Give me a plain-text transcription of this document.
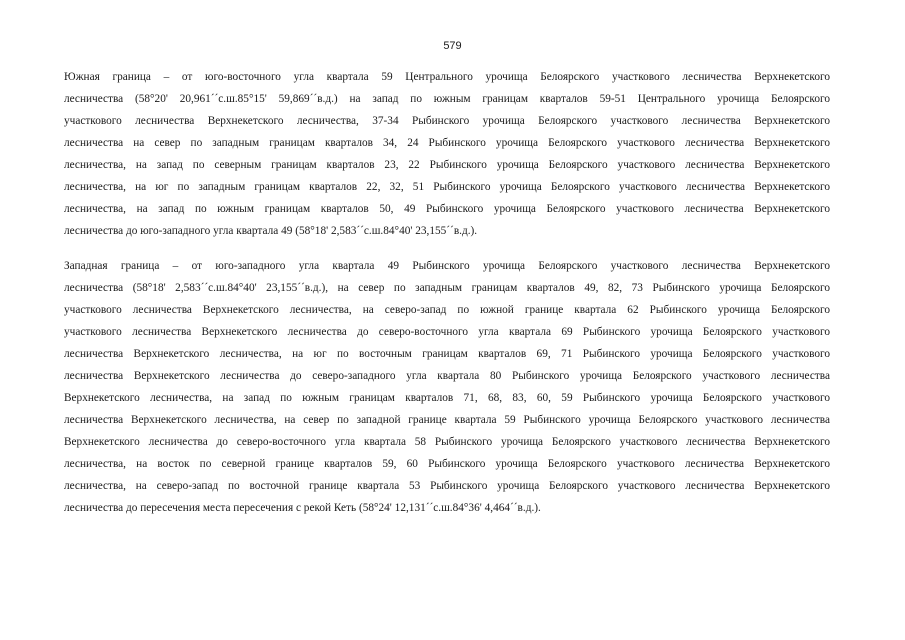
579
Южная граница – от юго-восточного угла квартала 59 Центрального урочища Белоярского участкового лесничества Верхнекетского
лесничества (58°20' 20,961´´с.ш.85°15' 59,869´´в.д.) на запад по южным границам кварталов 59-51 Центрального урочища Белоярского
участкового лесничества Верхнекетского лесничества, 37-34 Рыбинского урочища Белоярского участкового лесничества Верхнекетского
лесничества на север по западным границам кварталов 34, 24 Рыбинского урочища Белоярского участкового лесничества Верхнекетского
лесничества, на запад по северным границам кварталов 23, 22 Рыбинского урочища Белоярского участкового лесничества Верхнекетского
лесничества, на юг по западным границам кварталов 22, 32, 51 Рыбинского урочища Белоярского участкового лесничества Верхнекетского
лесничества, на запад по южным границам кварталов 50, 49 Рыбинского урочища Белоярского участкового лесничества Верхнекетского
лесничества до юго-западного угла квартала 49 (58°18' 2,583´´с.ш.84°40' 23,155´´в.д.).
Западная граница – от юго-западного угла квартала 49 Рыбинского урочища Белоярского участкового лесничества Верхнекетского
лесничества (58°18' 2,583´´с.ш.84°40' 23,155´´в.д.), на север по западным границам кварталов 49, 82, 73 Рыбинского урочища Белоярского
участкового лесничества Верхнекетского лесничества, на северо-запад по южной границе квартала 62 Рыбинского урочища Белоярского
участкового лесничества Верхнекетского лесничества до северо-восточного угла квартала 69 Рыбинского урочища Белоярского участкового
лесничества Верхнекетского лесничества, на юг по восточным границам кварталов 69, 71 Рыбинского урочища Белоярского участкового
лесничества Верхнекетского лесничества до северо-западного угла квартала 80 Рыбинского урочища Белоярского участкового лесничества
Верхнекетского лесничества, на запад по южным границам кварталов 71, 68, 83, 60, 59 Рыбинского урочища Белоярского участкового
лесничества Верхнекетского лесничества, на север по западной границе квартала 59 Рыбинского урочища Белоярского участкового лесничества
Верхнекетского лесничества до северо-восточного угла квартала 58 Рыбинского урочища Белоярского участкового лесничества Верхнекетского
лесничества, на восток по северной границе кварталов 59, 60 Рыбинского урочища Белоярского участкового лесничества Верхнекетского
лесничества, на северо-запад по восточной границе квартала 53 Рыбинского урочища Белоярского участкового лесничества Верхнекетского
лесничества до пересечения места пересечения с рекой Кеть (58°24' 12,131´´с.ш.84°36' 4,464´´в.д.).
